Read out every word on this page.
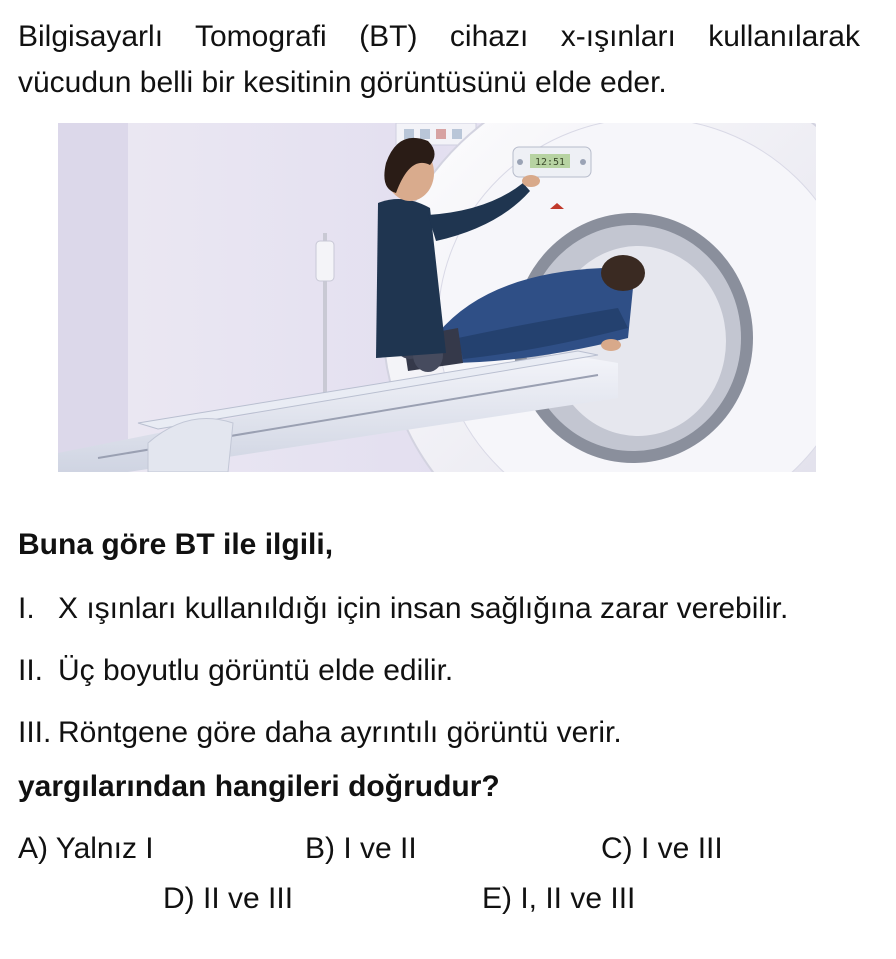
Bilgisayarlı Tomografi (BT) cihazı x-ışınları kullanılarak vücudun belli bir kesitinin görüntüsünü elde eder.
12:51
Buna göre BT ile ilgili,
I. X ışınları kullanıldığı için insan sağlığına zarar verebilir.
II. Üç boyutlu görüntü elde edilir.
III. Röntgene göre daha ayrıntılı görüntü verir.
yargılarından hangileri doğrudur?
A) Yalnız I	B) I ve II	C) I ve III
D) II ve III	E) I, II ve III
